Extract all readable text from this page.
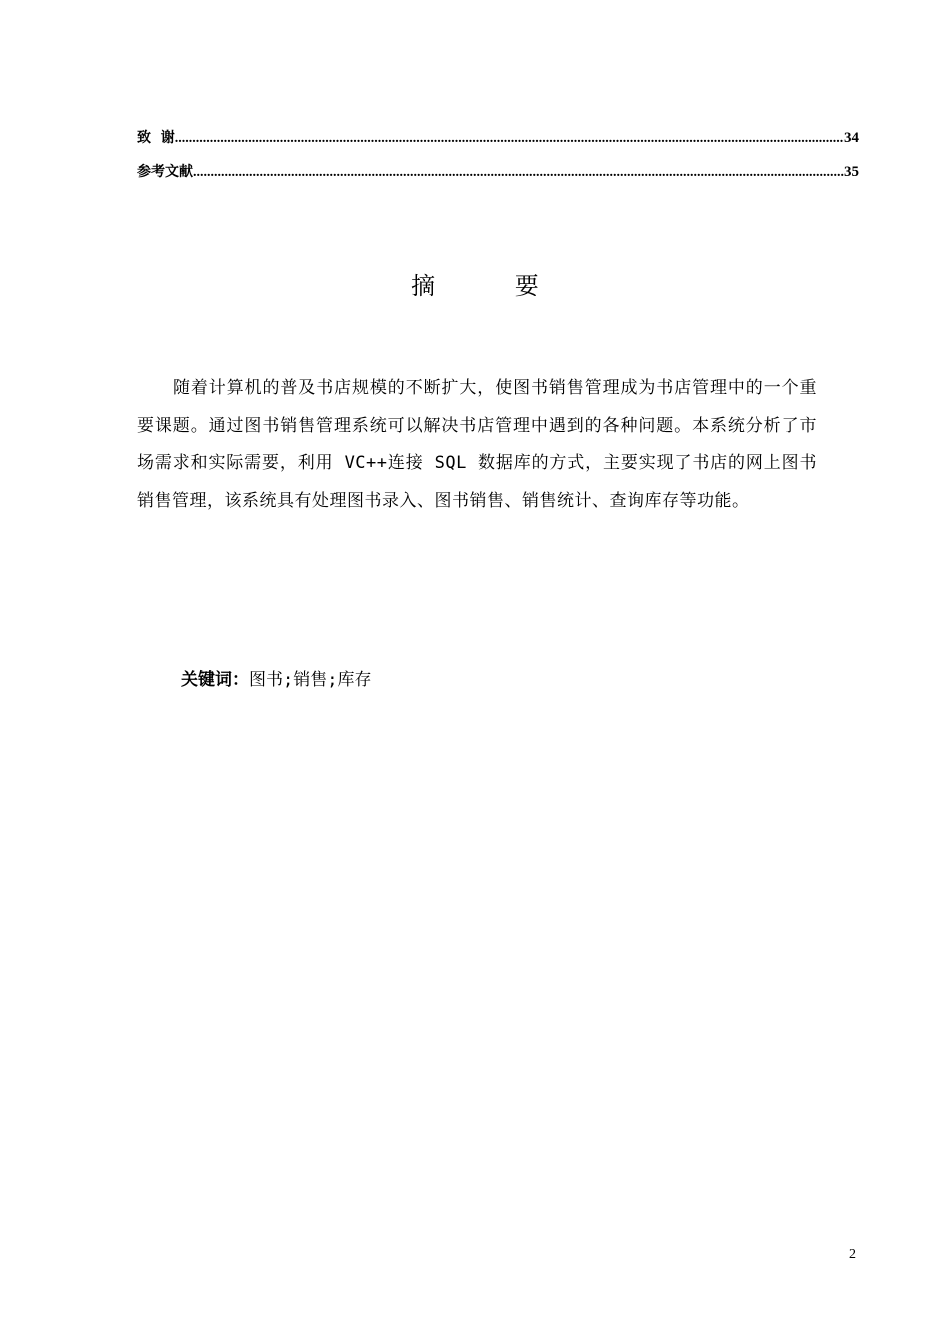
致  谢 .....	34
参考文献 .....	35
摘 要

随着计算机的普及书店规模的不断扩大，使图书销售管理成为书店管理中的一个重要课题。通过图书销售管理系统可以解决书店管理中遇到的各种问题。本系统分析了市场需求和实际需要，利用 VC++连接 SQL 数据库的方式，主要实现了书店的网上图书销售管理，该系统具有处理图书录入、图书销售、销售统计、查询库存等功能。

关键词：图书;销售;库存

2
